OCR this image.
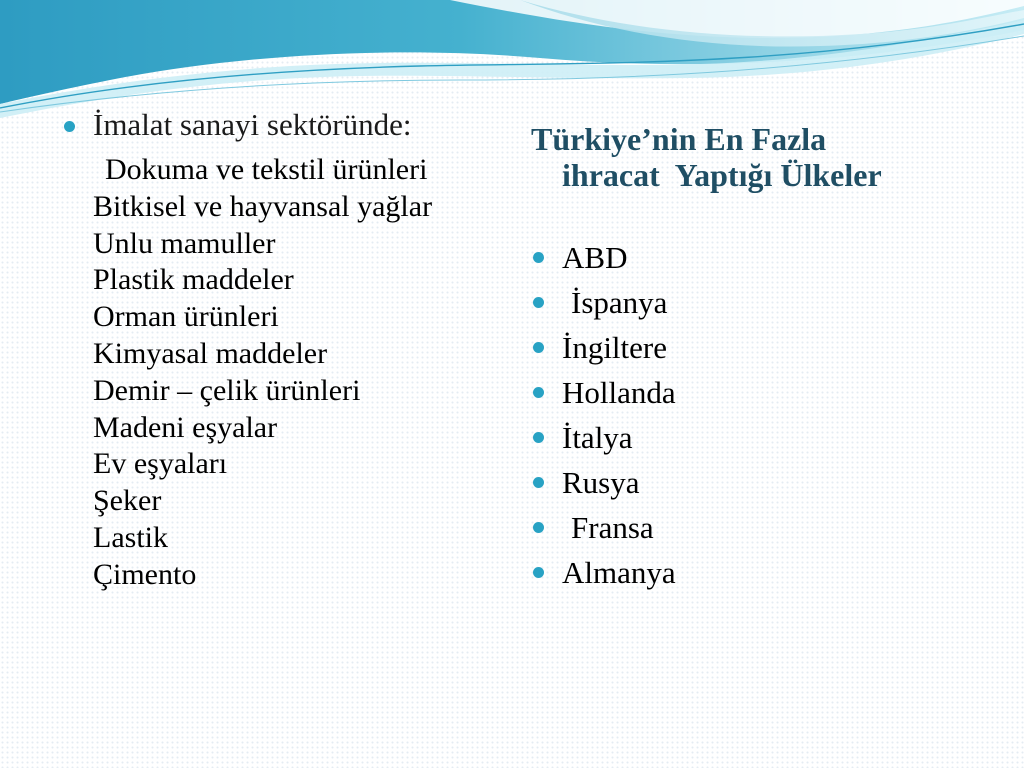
İmalat sanayi sektöründe:
Dokuma ve tekstil ürünleri
Bitkisel ve hayvansal yağlar
Unlu mamuller
Plastik maddeler
Orman ürünleri
Kimyasal maddeler
Demir – çelik ürünleri
Madeni eşyalar
Ev eşyaları
Şeker
Lastik
Çimento
Türkiye’nin En Fazla
ihracat  Yaptığı Ülkeler
ABD
İspanya
İngiltere
Hollanda
İtalya
Rusya
Fransa
Almanya
